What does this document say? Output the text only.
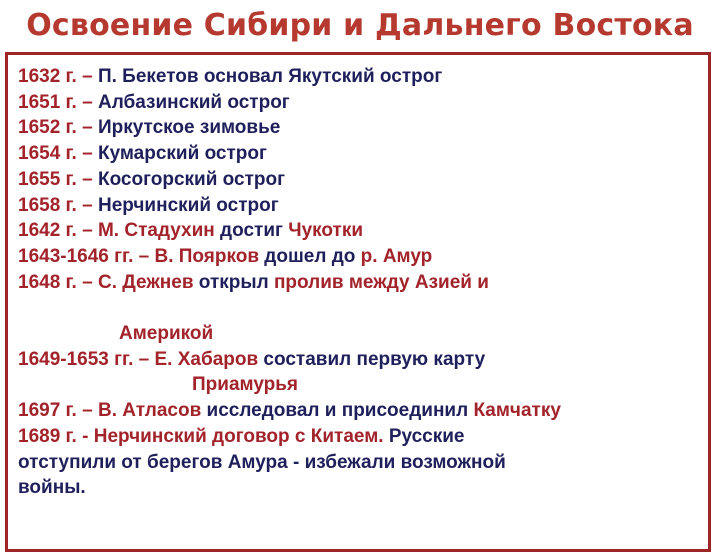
Освоение Сибири и Дальнего Востока
1632 г. – П. Бекетов основал Якутский острог
1651 г. – Албазинский острог
1652 г. – Иркутское зимовье
1654 г. – Кумарский острог
1655 г. – Косогорский острог
1658 г. – Нерчинский острог
1642 г. – М. Стадухин достиг Чукотки
1643-1646 гг. – В. Поярков дошел до р. Амур
1648 г. – С. Дежнев открыл пролив между Азией и
Америкой
1649-1653 гг. – Е. Хабаров составил первую карту
Приамурья
1697 г. – В. Атласов исследовал и присоединил Камчатку
1689 г. - Нерчинский договор с Китаем. Русские
отступили от берегов Амура - избежали возможной
войны.
